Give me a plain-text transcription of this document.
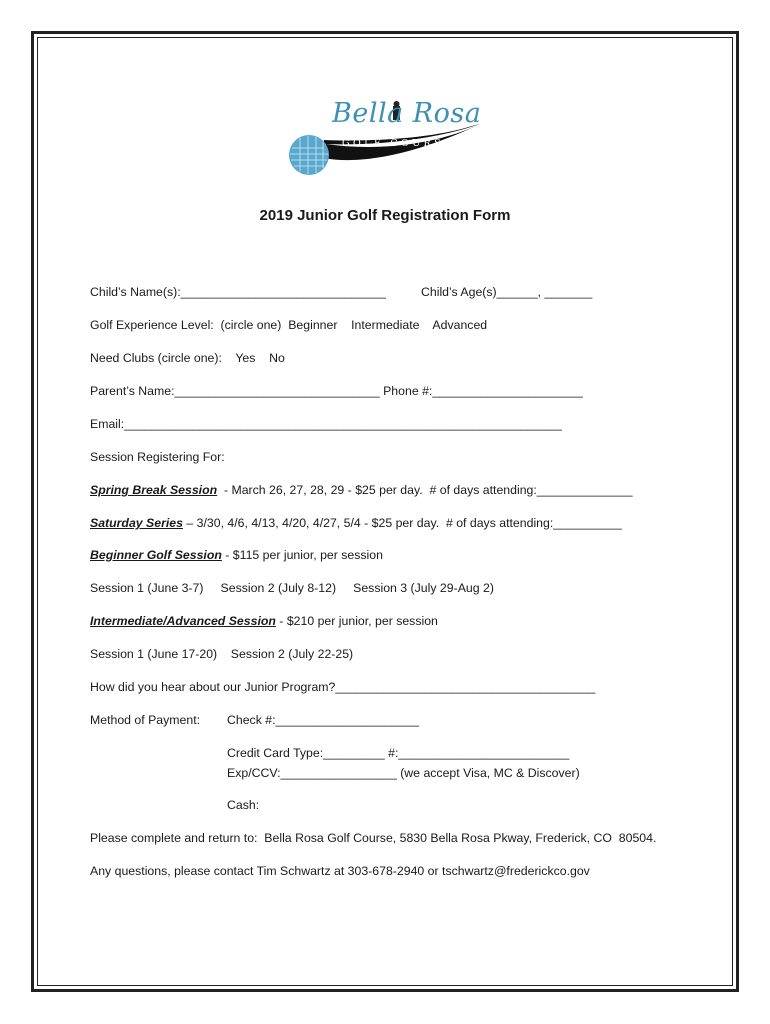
Bella Rosa
GOLF COURSE
2019 Junior Golf Registration Form
Child’s Name(s):______________________________	Child’s Age(s)______, _______
Golf Experience Level:  (circle one)  Beginner    Intermediate    Advanced
Need Clubs (circle one):    Yes    No
Parent’s Name:______________________________ Phone #:______________________
Email:________________________________________________________________
Session Registering For:
Spring Break Session  - March 26, 27, 28, 29 - $25 per day.  # of days attending:______________
Saturday Series – 3/30, 4/6, 4/13, 4/20, 4/27, 5/4 - $25 per day.  # of days attending:__________
Beginner Golf Session - $115 per junior, per session
Session 1 (June 3-7)     Session 2 (July 8-12)     Session 3 (July 29-Aug 2)
Intermediate/Advanced Session - $210 per junior, per session
Session 1 (June 17-20)    Session 2 (July 22-25)
How did you hear about our Junior Program?______________________________________
Method of Payment: Check #:_____________________
Credit Card Type:_________ #:_________________________
Exp/CCV:_________________ (we accept Visa, MC & Discover)
Cash:
Please complete and return to:  Bella Rosa Golf Course, 5830 Bella Rosa Pkway, Frederick, CO  80504.
Any questions, please contact Tim Schwartz at 303-678-2940 or tschwartz@frederickco.gov
